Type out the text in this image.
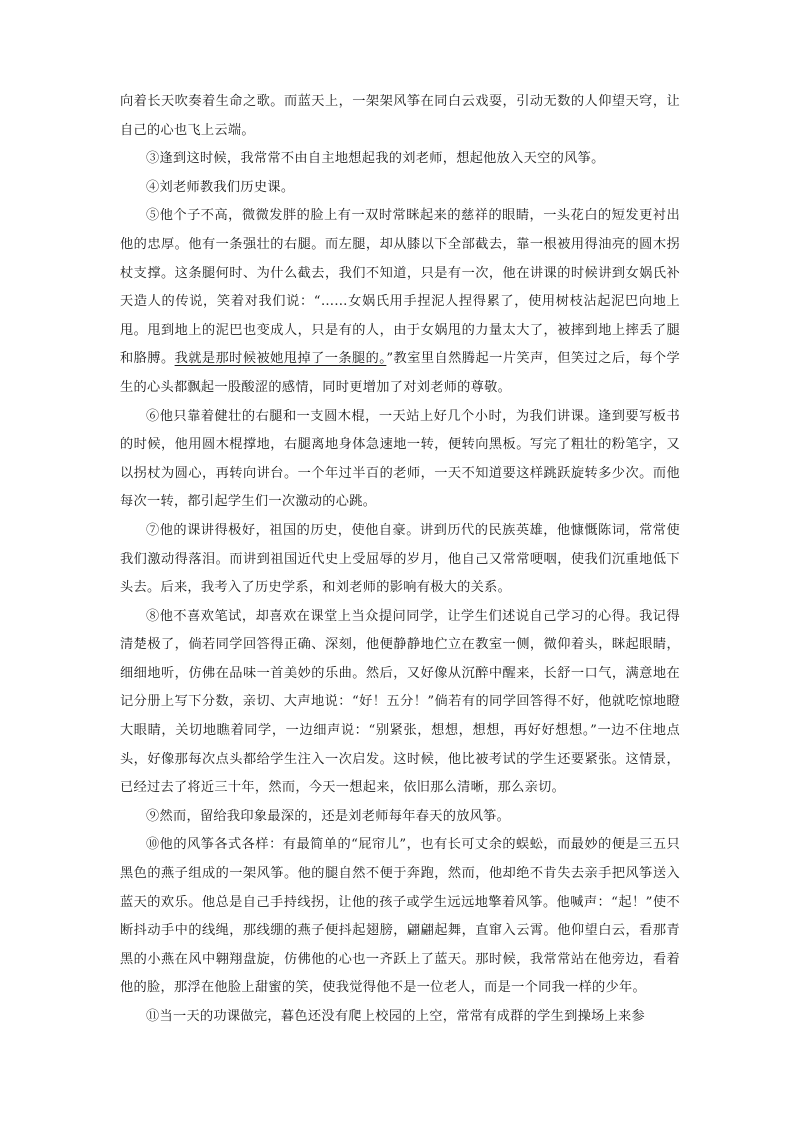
向着长天吹奏着生命之歌。而蓝天上，一架架风筝在同白云戏耍，引动无数的人仰望天穹，让自己的心也飞上云端。

③逢到这时候，我常常不由自主地想起我的刘老师，想起他放入天空的风筝。

④刘老师教我们历史课。

⑤他个子不高，微微发胖的脸上有一双时常眯起来的慈祥的眼睛，一头花白的短发更衬出他的忠厚。他有一条强壮的右腿。而左腿，却从膝以下全部截去，靠一根被用得油亮的圆木拐杖支撑。这条腿何时、为什么截去，我们不知道，只是有一次，他在讲课的时候讲到女娲氏补天造人的传说，笑着对我们说：“……女娲氏用手捏泥人捏得累了，使用树枝沾起泥巴向地上甩。甩到地上的泥巴也变成人，只是有的人，由于女娲甩的力量太大了，被摔到地上摔丢了腿和胳膊。我就是那时候被她甩掉了一条腿的。”教室里自然腾起一片笑声，但笑过之后，每个学生的心头都飘起一股酸涩的感情，同时更增加了对刘老师的尊敬。

⑥他只靠着健壮的右腿和一支圆木棍，一天站上好几个小时，为我们讲课。逢到要写板书的时候，他用圆木棍撑地，右腿离地身体急速地一转，便转向黑板。写完了粗壮的粉笔字，又以拐杖为圆心，再转向讲台。一个年过半百的老师，一天不知道要这样跳跃旋转多少次。而他每次一转，都引起学生们一次激动的心跳。

⑦他的课讲得极好，祖国的历史，使他自豪。讲到历代的民族英雄，他慷慨陈词，常常使我们激动得落泪。而讲到祖国近代史上受屈辱的岁月，他自己又常常哽咽，使我们沉重地低下头去。后来，我考入了历史学系，和刘老师的影响有极大的关系。

⑧他不喜欢笔试，却喜欢在课堂上当众提问同学，让学生们述说自己学习的心得。我记得清楚极了，倘若同学回答得正确、深刻，他便静静地伫立在教室一侧，微仰着头，眯起眼睛，细细地听，仿佛在品味一首美妙的乐曲。然后，又好像从沉醉中醒来，长舒一口气，满意地在记分册上写下分数，亲切、大声地说：“好！五分！”倘若有的同学回答得不好，他就吃惊地瞪大眼睛，关切地瞧着同学，一边细声说：“别紧张，想想，想想，再好好想想。”一边不住地点头，好像那每次点头都给学生注入一次启发。这时候，他比被考试的学生还要紧张。这情景，已经过去了将近三十年，然而，今天一想起来，依旧那么清晰，那么亲切。

⑨然而，留给我印象最深的，还是刘老师每年春天的放风筝。

⑩他的风筝各式各样：有最简单的“屁帘儿”，也有长可丈余的蜈蚣，而最妙的便是三五只黑色的燕子组成的一架风筝。他的腿自然不便于奔跑，然而，他却绝不肯失去亲手把风筝送入蓝天的欢乐。他总是自己手持线拐，让他的孩子或学生远远地擎着风筝。他喊声：“起！”使不断抖动手中的线绳，那线绷的燕子便抖起翅膀，翩翩起舞，直窜入云霄。他仰望白云，看那青黑的小燕在风中翱翔盘旋，仿佛他的心也一齐跃上了蓝天。那时候，我常常站在他旁边，看着他的脸，那浮在他脸上甜蜜的笑，使我觉得他不是一位老人，而是一个同我一样的少年。

⑪当一天的功课做完，暮色还没有爬上校园的上空，常常有成群的学生到操场上来参
